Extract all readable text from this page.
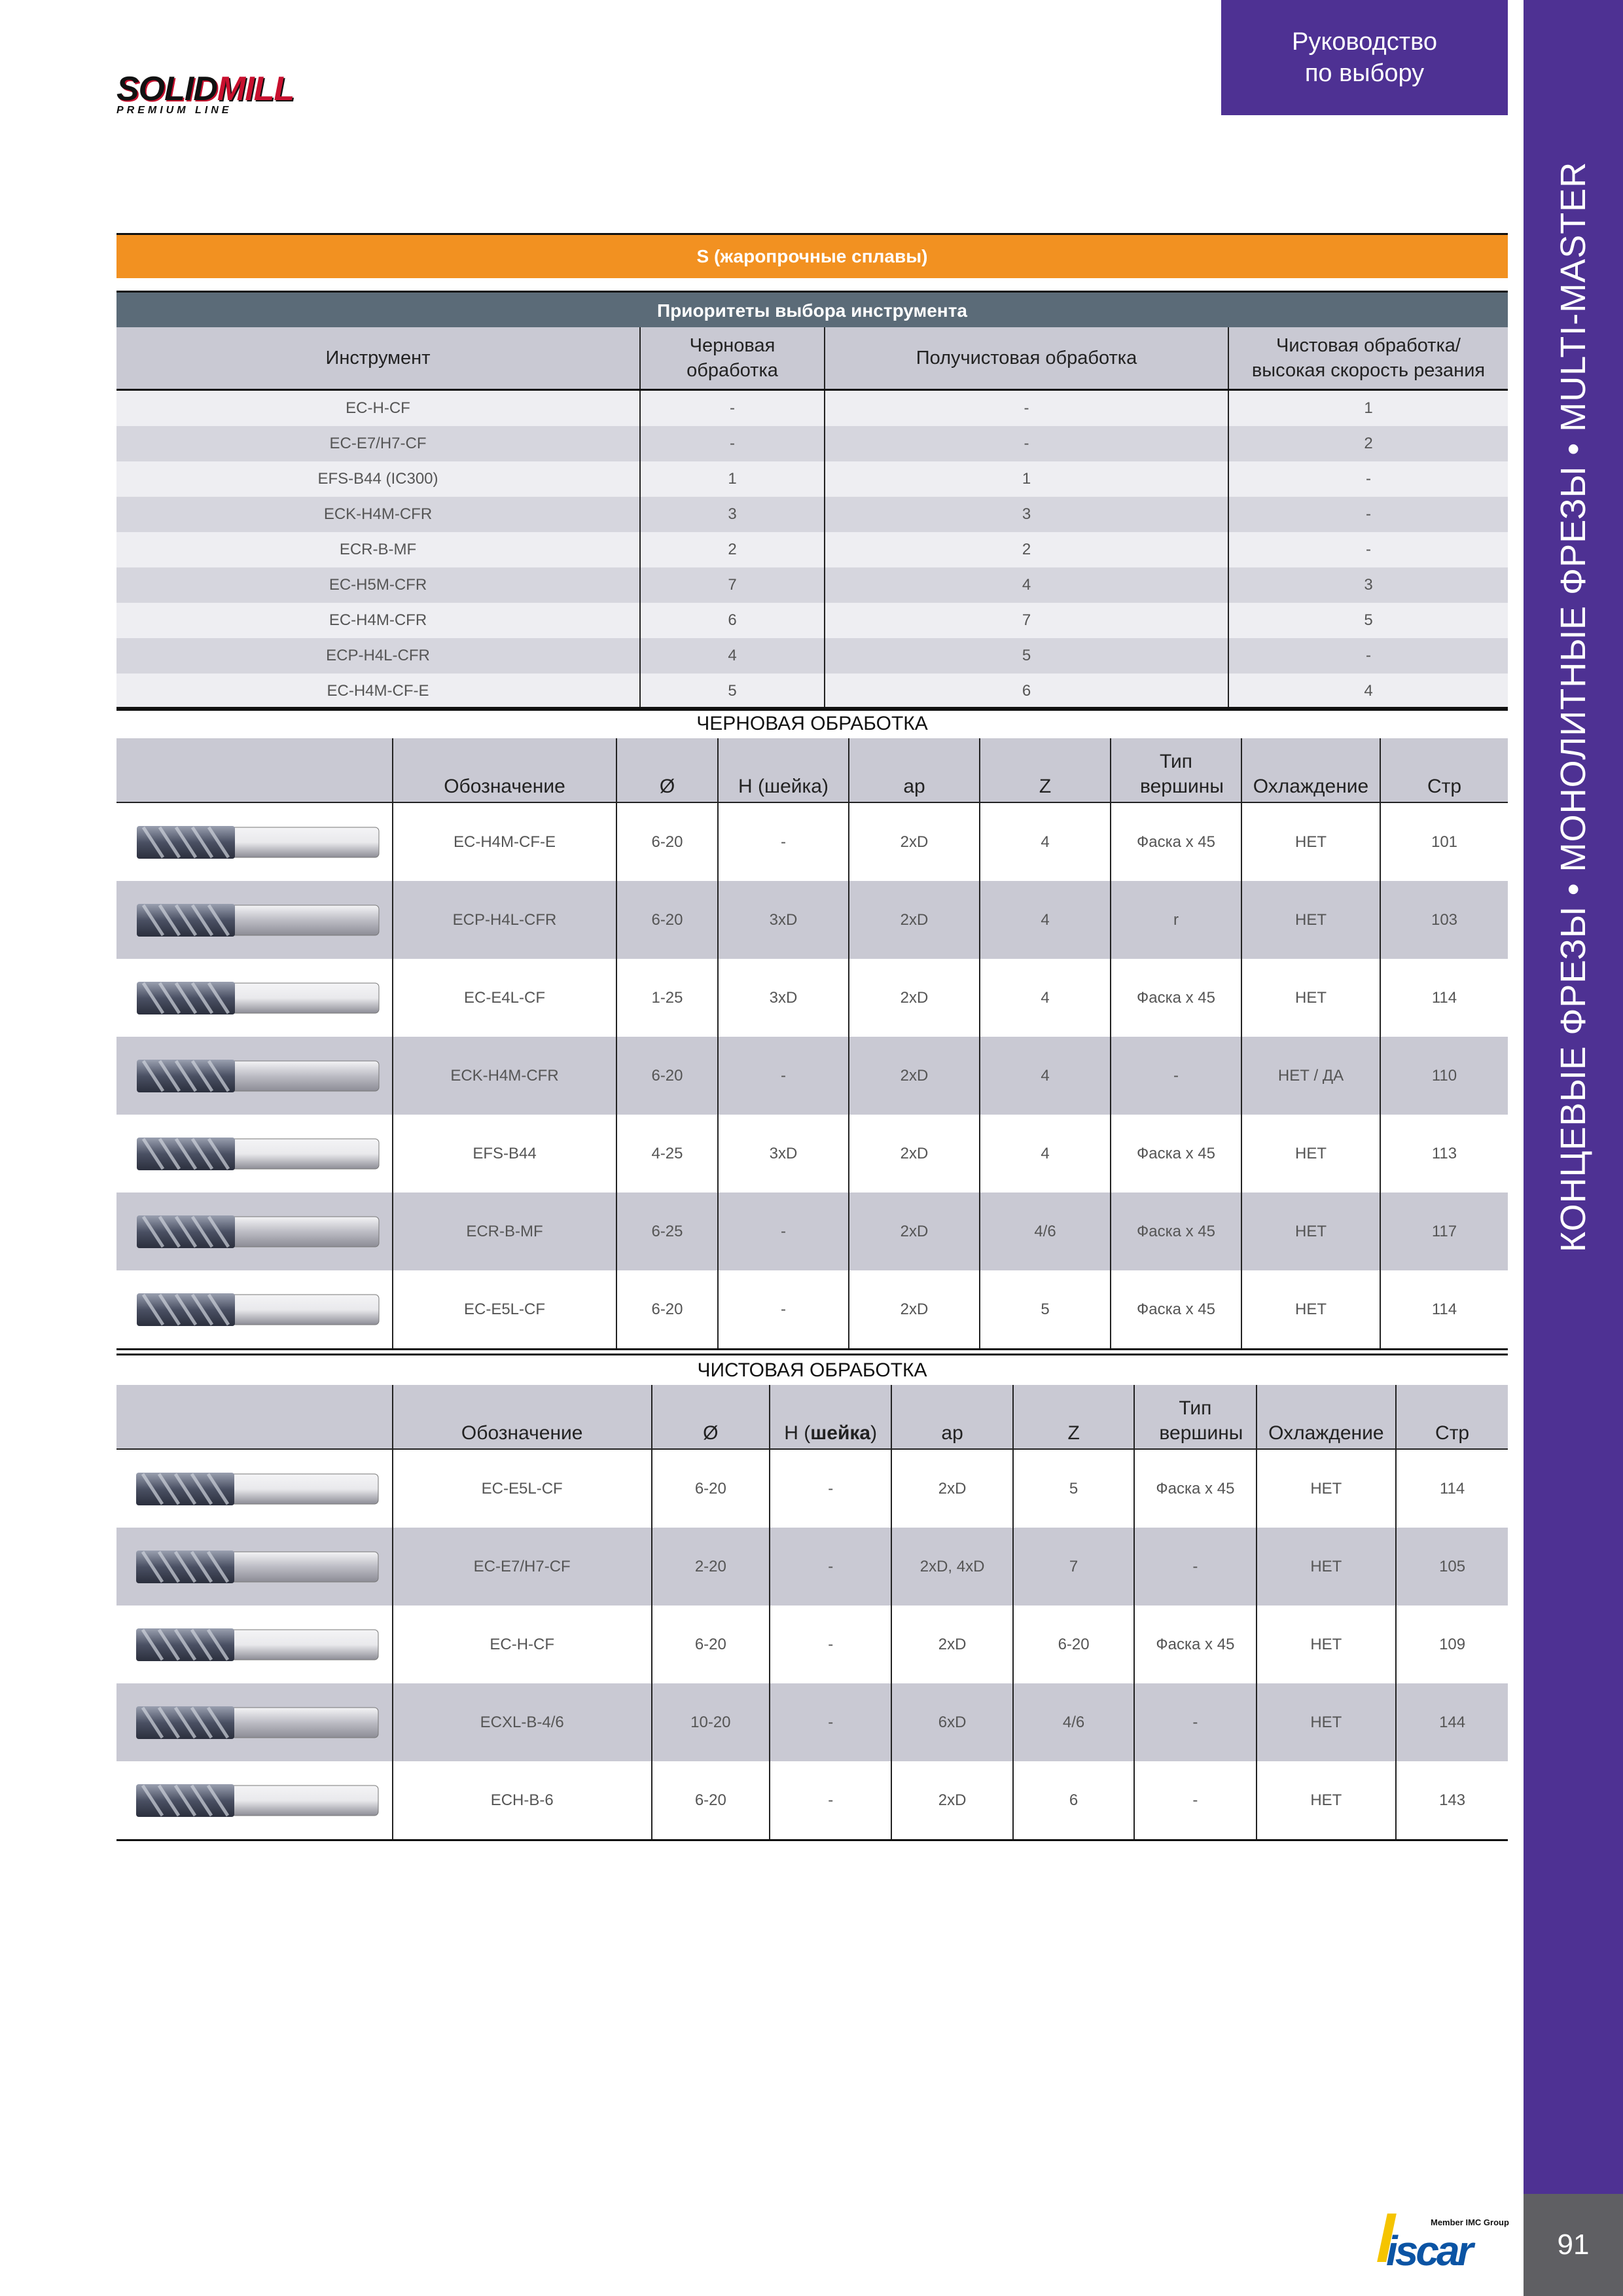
SOLIDMILL
PREMIUM LINE
Руководство
по выбору
КОНЦЕВЫЕ ФРЕЗЫ • МОНОЛИТНЫЕ ФРЕЗЫ • MULTI-MASTER
91
S (жаропрочные сплавы)
Приоритеты выбора инструмента
Инструмент	Черновая обработка	Получистовая обработка	Чистовая обработка/ высокая скорость резания
EC-H-CF	-	-	1
EC-E7/H7-CF	-	-	2
EFS-B44 (IC300)	1	1	-
ECK-H4M-CFR	3	3	-
ECR-B-MF	2	2	-
EC-H5M-CFR	7	4	3
EC-H4M-CFR	6	7	5
ECP-H4L-CFR	4	5	-
EC-H4M-CF-E	5	6	4
ЧЕРНОВАЯ ОБРАБОТКА
	Обозначение	Ø	H (шейка)	ap	Z	Тип вершины	Охлаждение	Стр
	EC-H4M-CF-E	6-20	-	2xD	4	Фаска x 45	НЕТ	101
	ECP-H4L-CFR	6-20	3xD	2xD	4	r	НЕТ	103
	EC-E4L-CF	1-25	3xD	2xD	4	Фаска x 45	НЕТ	114
	ECK-H4M-CFR	6-20	-	2xD	4	-	НЕТ / ДА	110
	EFS-B44	4-25	3xD	2xD	4	Фаска x 45	НЕТ	113
	ECR-B-MF	6-25	-	2xD	4/6	Фаска x 45	НЕТ	117
	EC-E5L-CF	6-20	-	2xD	5	Фаска x 45	НЕТ	114
ЧИСТОВАЯ ОБРАБОТКА
	Обозначение	Ø	H (шейка)	ap	Z	Тип вершины	Охлаждение	Стр
	EC-E5L-CF	6-20	-	2xD	5	Фаска x 45	НЕТ	114
	EC-E7/H7-CF	2-20	-	2xD, 4xD	7	-	НЕТ	105
	EC-H-CF	6-20	-	2xD	6-20	Фаска x 45	НЕТ	109
	ECXL-B-4/6	10-20	-	6xD	4/6	-	НЕТ	144
	ECH-B-6	6-20	-	2xD	6	-	НЕТ	143
Member IMC Group
iscar
